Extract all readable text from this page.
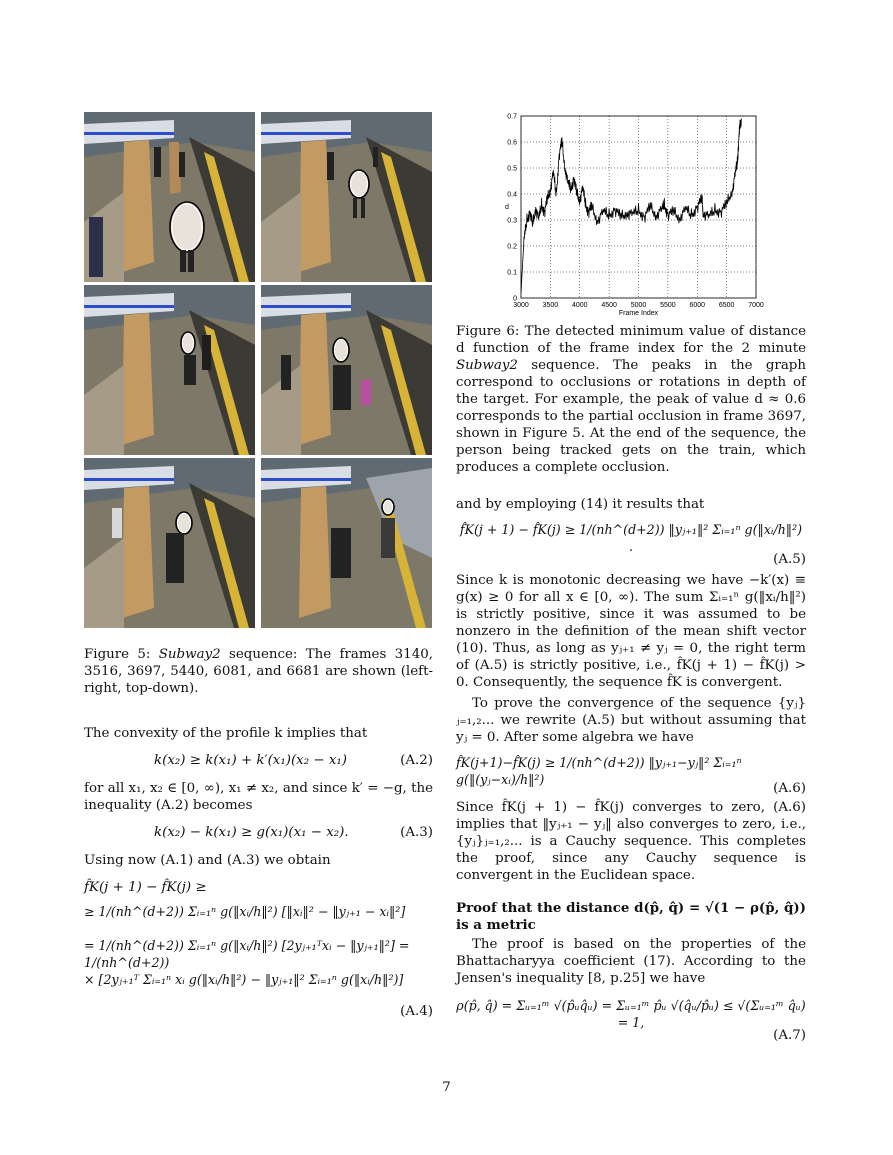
Figure 5: Subway2 sequence: The frames 3140, 3516, 3697, 5440, 6081, and 6681 are shown (left-right, top-down).

The convexity of the profile k implies that

k(x₂) ≥ k(x₁) + k′(x₁)(x₂ − x₁)	(A.2)

for all x₁, x₂ ∈ [0, ∞), x₁ ≠ x₂, and since k′ = −g, the inequality (A.2) becomes

k(x₂) − k(x₁) ≥ g(x₁)(x₁ − x₂).	(A.3)

Using now (A.1) and (A.3) we obtain

f̂K(j + 1) − f̂K(j) ≥
≥ 1/(nh^(d+2)) Σᵢ₌₁ⁿ g(‖xᵢ/h‖²) [‖xᵢ‖² − ‖yⱼ₊₁ − xᵢ‖²]
= 1/(nh^(d+2)) Σᵢ₌₁ⁿ g(‖xᵢ/h‖²) [2yⱼ₊₁ᵀxᵢ − ‖yⱼ₊₁‖²] = 1/(nh^(d+2))
× [2yⱼ₊₁ᵀ Σᵢ₌₁ⁿ xᵢ g(‖xᵢ/h‖²) − ‖yⱼ₊₁‖² Σᵢ₌₁ⁿ g(‖xᵢ/h‖²)]
(A.4)
3000 3500 4000 4500 5000 5500 6000 6500 7000
0
0.1
0.2
0.3
0.4
0.5
0.6
0.7
Frame Index
d

Figure 6: The detected minimum value of distance d function of the frame index for the 2 minute Subway2 sequence. The peaks in the graph correspond to occlusions or rotations in depth of the target. For example, the peak of value d ≈ 0.6 corresponds to the partial occlusion in frame 3697, shown in Figure 5. At the end of the sequence, the person being tracked gets on the train, which produces a complete occlusion.

and by employing (14) it results that

f̂K(j + 1) − f̂K(j) ≥ 1/(nh^(d+2)) ‖yⱼ₊₁‖² Σᵢ₌₁ⁿ g(‖xᵢ/h‖²) .
(A.5)

Since k is monotonic decreasing we have −k′(x) ≡ g(x) ≥ 0 for all x ∈ [0, ∞). The sum Σᵢ₌₁ⁿ g(‖xᵢ/h‖²) is strictly positive, since it was assumed to be nonzero in the definition of the mean shift vector (10). Thus, as long as yⱼ₊₁ ≠ yⱼ = 0, the right term of (A.5) is strictly positive, i.e., f̂K(j + 1) − f̂K(j) > 0. Consequently, the sequence f̂K is convergent.

To prove the convergence of the sequence {yⱼ}ⱼ₌₁,₂... we rewrite (A.5) but without assuming that yⱼ = 0. After some algebra we have

f̂K(j+1)−f̂K(j) ≥ 1/(nh^(d+2)) ‖yⱼ₊₁−yⱼ‖² Σᵢ₌₁ⁿ g(‖(yⱼ−xᵢ)/h‖²)
(A.6)

Since f̂K(j + 1) − f̂K(j) converges to zero, (A.6) implies that ‖yⱼ₊₁ − yⱼ‖ also converges to zero, i.e., {yⱼ}ⱼ₌₁,₂... is a Cauchy sequence. This completes the proof, since any Cauchy sequence is convergent in the Euclidean space.

Proof that the distance d(p̂, q̂) = √(1 − ρ(p̂, q̂)) is a metric

The proof is based on the properties of the Bhattacharyya coefficient (17). According to the Jensen's inequality [8, p.25] we have

ρ(p̂, q̂) = Σᵤ₌₁ᵐ √(p̂ᵤq̂ᵤ) = Σᵤ₌₁ᵐ p̂ᵤ √(q̂ᵤ/p̂ᵤ) ≤ √(Σᵤ₌₁ᵐ q̂ᵤ) = 1,
(A.7)
7
